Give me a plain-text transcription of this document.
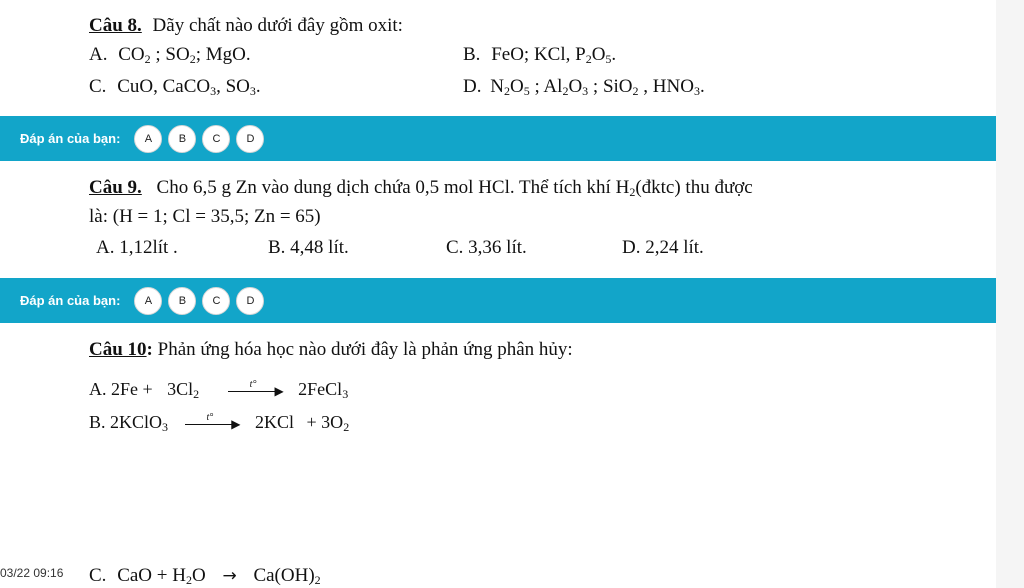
Câu 8. Dãy chất nào dưới đây gồm oxit:
A. $CO_2$ ; $SO_2$; MgO.	B. FeO; KCl, $P_2O_5$.
C. CuO, CaCO$_3$, $SO_3$.	D. $N_2O_5$ ; $Al_2O_3$ ; SiO$_2$ , $HNO_3$.
Đáp án của bạn:	A	B	C	D
Câu 9. Cho 6,5 g Zn vào dung dịch chứa 0,5 mol HCl. Thể tích khí $H_2(đktc)$ thu được
là: (H = 1; Cl = 35,5; Zn = 65)
A. 1,12lít .	B. 4,48 lít.	C. 3,36 lít.	D. 2,24 lít.
Đáp án của bạn:	A	B	C	D
Câu 10: Phản ứng hóa học nào dưới đây là phản ứng phân hủy:
A. $2Fe + 3Cl_2$
t° ▶ 2FeCl$_3$
B. 2KClO$_3$
t° ▶ $2KCl + 3O_2$
03/22 09:16 C. CaO + $H_2O \to Ca(OH)_2$
